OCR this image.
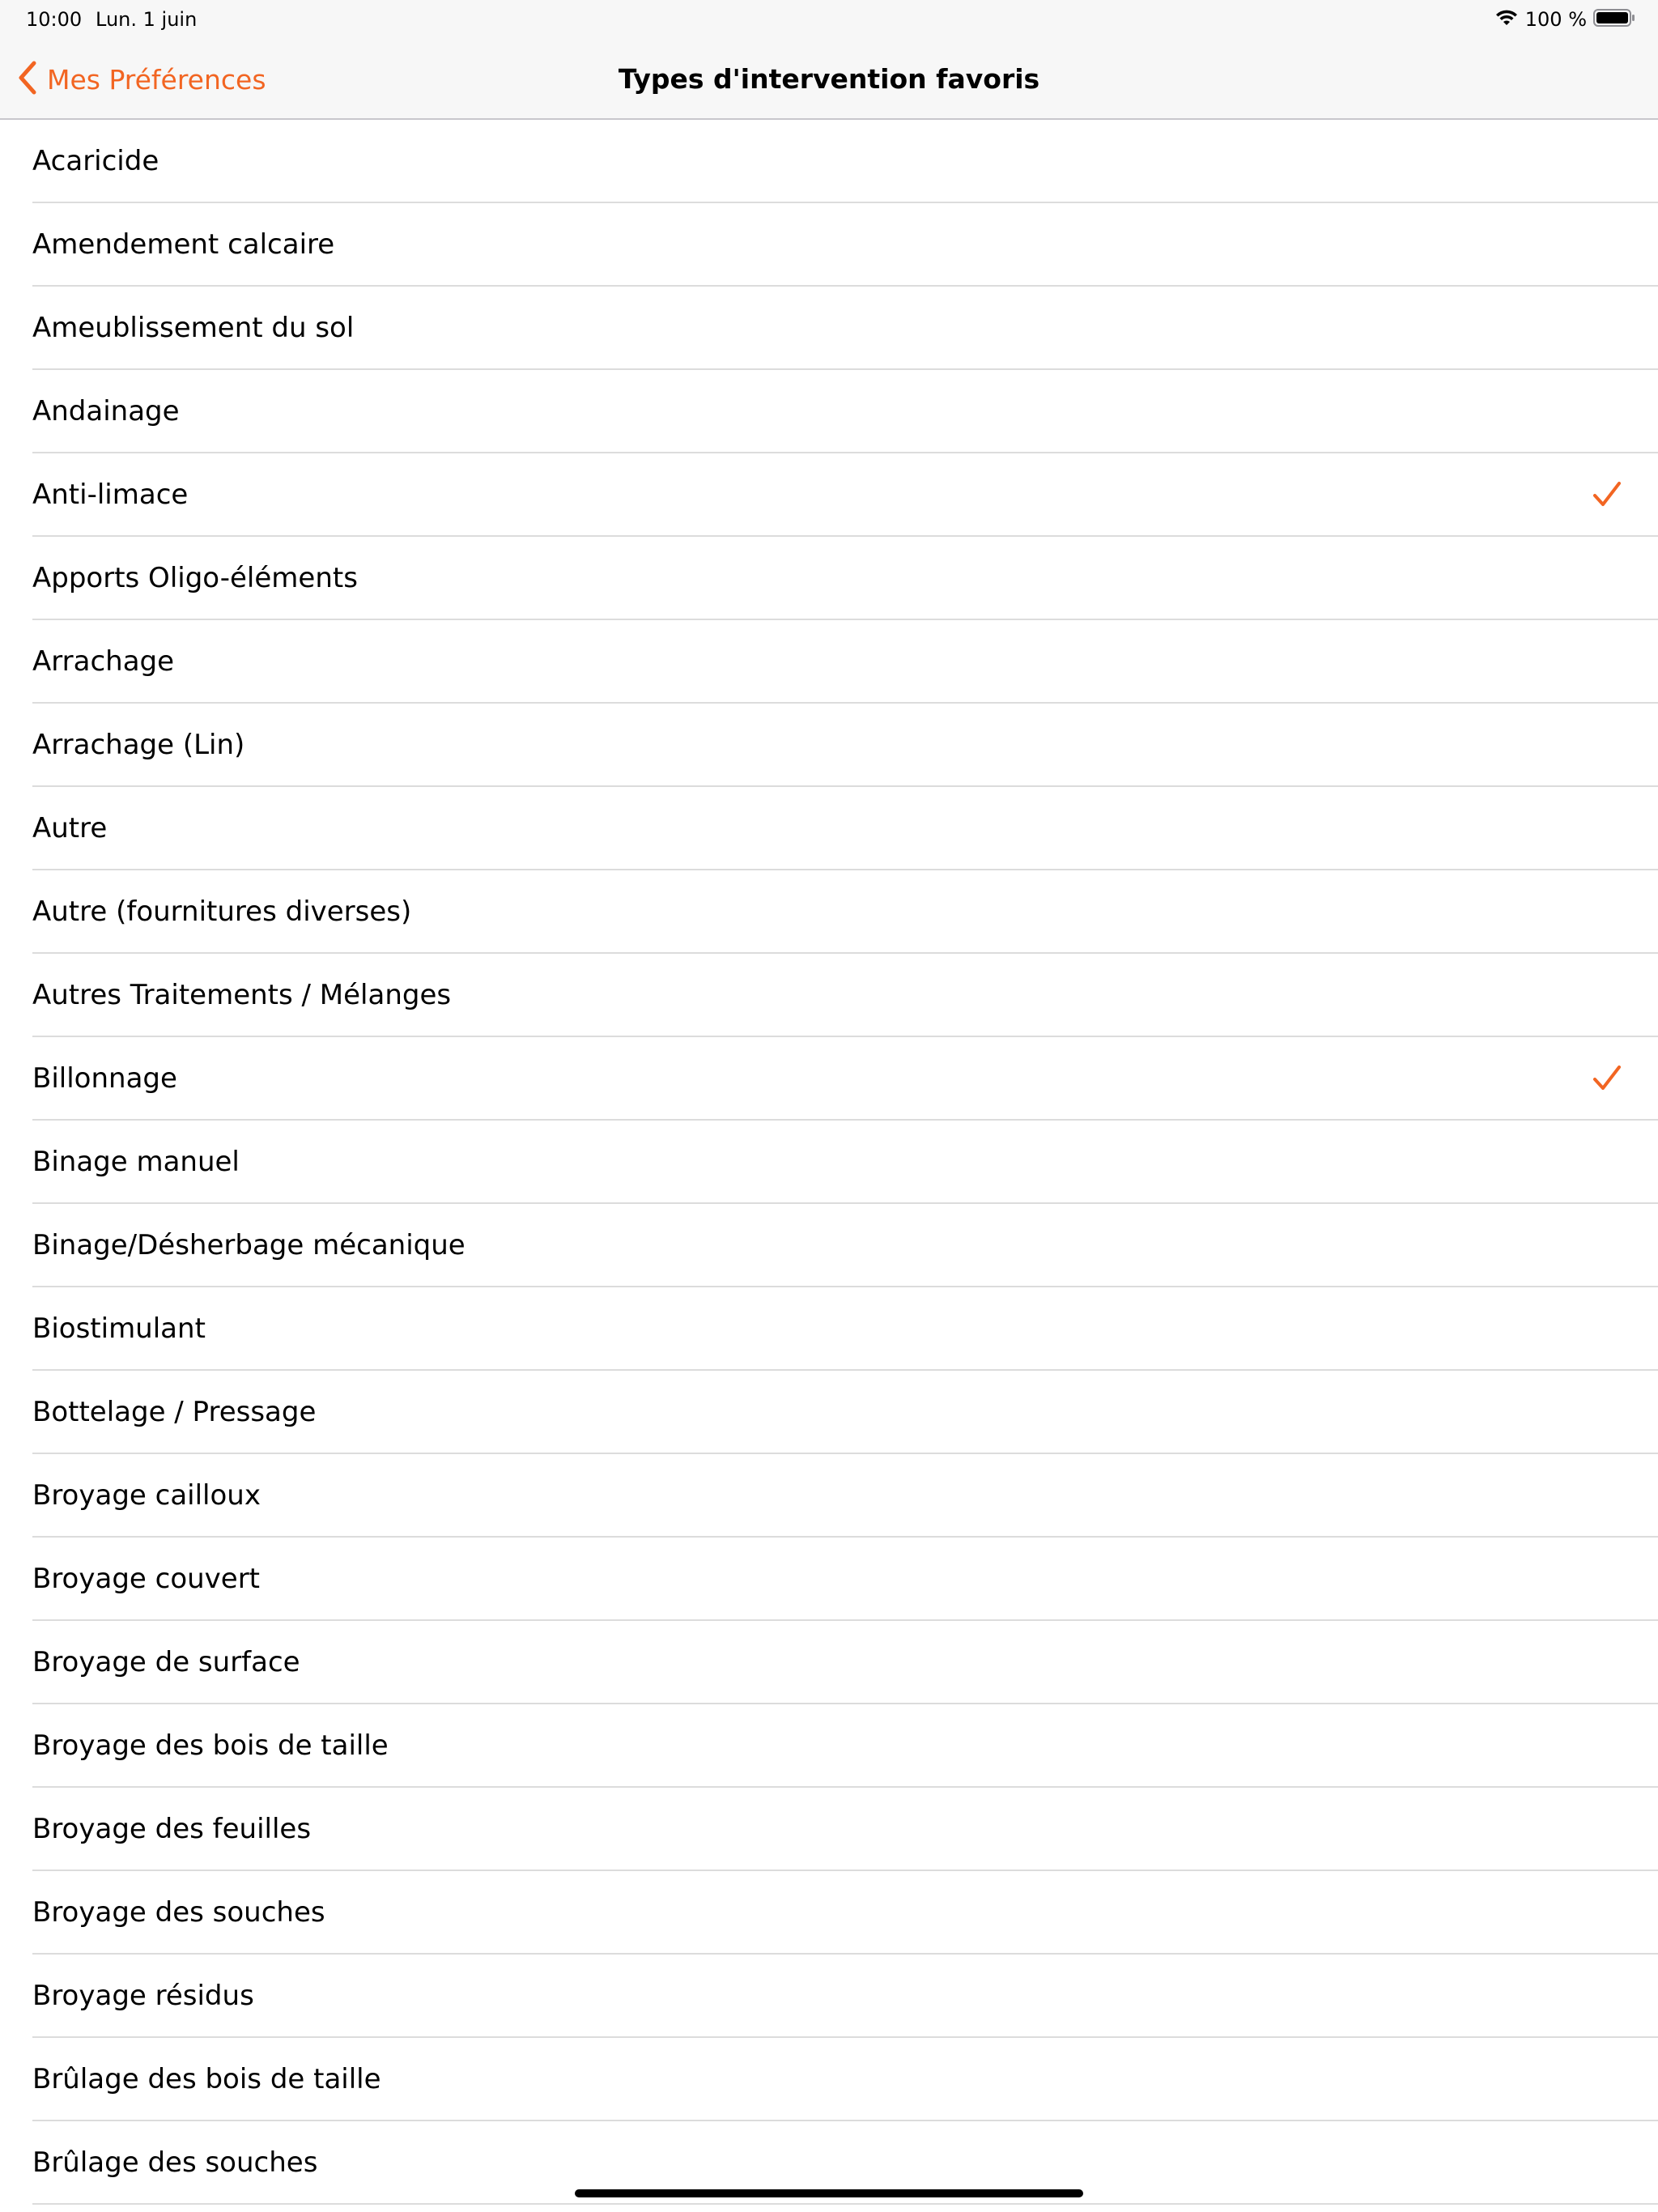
10:00 Lun. 1 juin	100 %
Mes Préférences	Types d'intervention favoris
Acaricide
Amendement calcaire
Ameublissement du sol
Andainage
Anti-limace
Apports Oligo-éléments
Arrachage
Arrachage (Lin)
Autre
Autre (fournitures diverses)
Autres Traitements / Mélanges
Billonnage
Binage manuel
Binage/Désherbage mécanique
Biostimulant
Bottelage / Pressage
Broyage cailloux
Broyage couvert
Broyage de surface
Broyage des bois de taille
Broyage des feuilles
Broyage des souches
Broyage résidus
Brûlage des bois de taille
Brûlage des souches
